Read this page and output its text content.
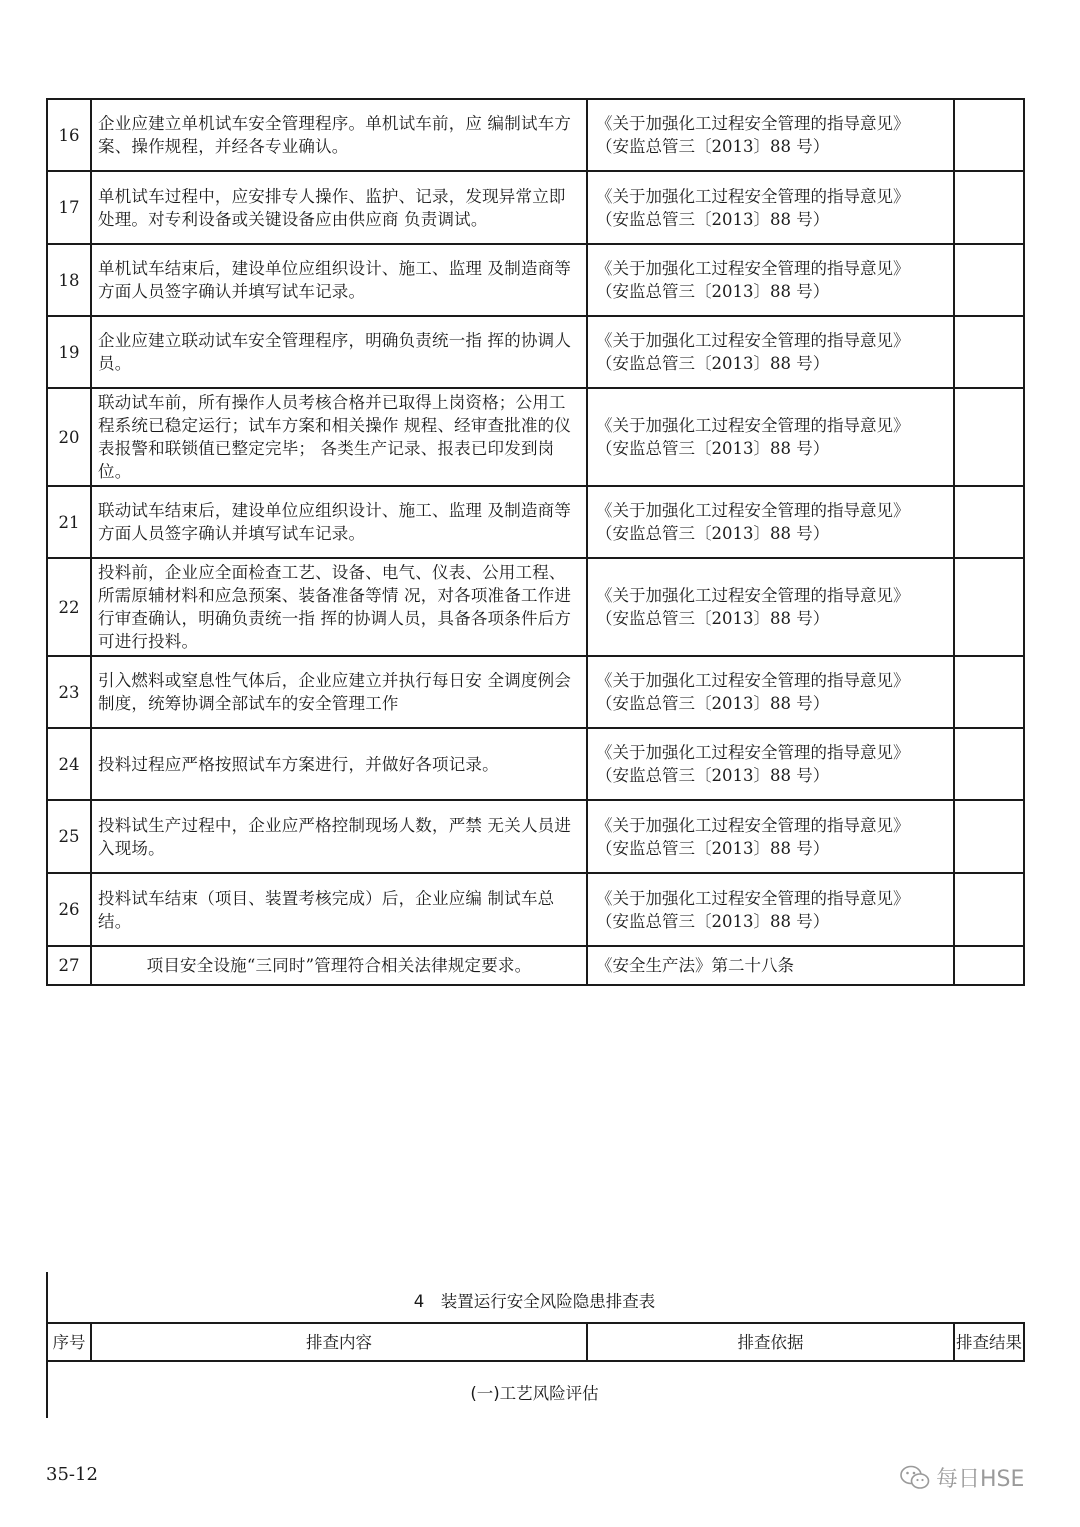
16	企业应建立单机试车安全管理程序。单机试车前，应 编制试车方案、操作规程，并经各专业确认。	《关于加强化工过程安全管理的指导意见》
（安监总管三〔2013〕88 号）	

17	单机试车过程中，应安排专人操作、监护、记录，发现异常立即处理。对专利设备或关键设备应由供应商 负责调试。	《关于加强化工过程安全管理的指导意见》
（安监总管三〔2013〕88 号）	

18	单机试车结束后，建设单位应组织设计、施工、监理 及制造商等方面人员签字确认并填写试车记录。	《关于加强化工过程安全管理的指导意见》
（安监总管三〔2013〕88 号）	

19	企业应建立联动试车安全管理程序，明确负责统一指 挥的协调人员。	《关于加强化工过程安全管理的指导意见》
（安监总管三〔2013〕88 号）	

20	联动试车前，所有操作人员考核合格并已取得上岗资格；公用工程系统已稳定运行；试车方案和相关操作 规程、经审查批准的仪表报警和联锁值已整定完毕； 各类生产记录、报表已印发到岗位。	《关于加强化工过程安全管理的指导意见》
（安监总管三〔2013〕88 号）	

21	联动试车结束后，建设单位应组织设计、施工、监理 及制造商等方面人员签字确认并填写试车记录。	《关于加强化工过程安全管理的指导意见》
（安监总管三〔2013〕88 号）	

22	投料前，企业应全面检查工艺、设备、电气、仪表、公用工程、所需原辅材料和应急预案、装备准备等情 况，对各项准备工作进行审查确认，明确负责统一指 挥的协调人员，具备各项条件后方可进行投料。	《关于加强化工过程安全管理的指导意见》
（安监总管三〔2013〕88 号）	

23	引入燃料或窒息性气体后，企业应建立并执行每日安 全调度例会制度，统筹协调全部试车的安全管理工作	《关于加强化工过程安全管理的指导意见》
（安监总管三〔2013〕88 号）	

24	投料过程应严格按照试车方案进行，并做好各项记录。	《关于加强化工过程安全管理的指导意见》
（安监总管三〔2013〕88 号）	

25	投料试生产过程中，企业应严格控制现场人数，严禁 无关人员进入现场。	《关于加强化工过程安全管理的指导意见》
（安监总管三〔2013〕88 号）	

26	投料试车结束（项目、装置考核完成）后，企业应编 制试车总结。	《关于加强化工过程安全管理的指导意见》
（安监总管三〔2013〕88 号）	

27	项目安全设施“三同时”管理符合相关法律规定要求。	《安全生产法》第二十八条	

4　装置运行安全风险隐患排查表
序号	排查内容	排查依据	排查结果
(一)工艺风险评估
35-12	每日HSE
